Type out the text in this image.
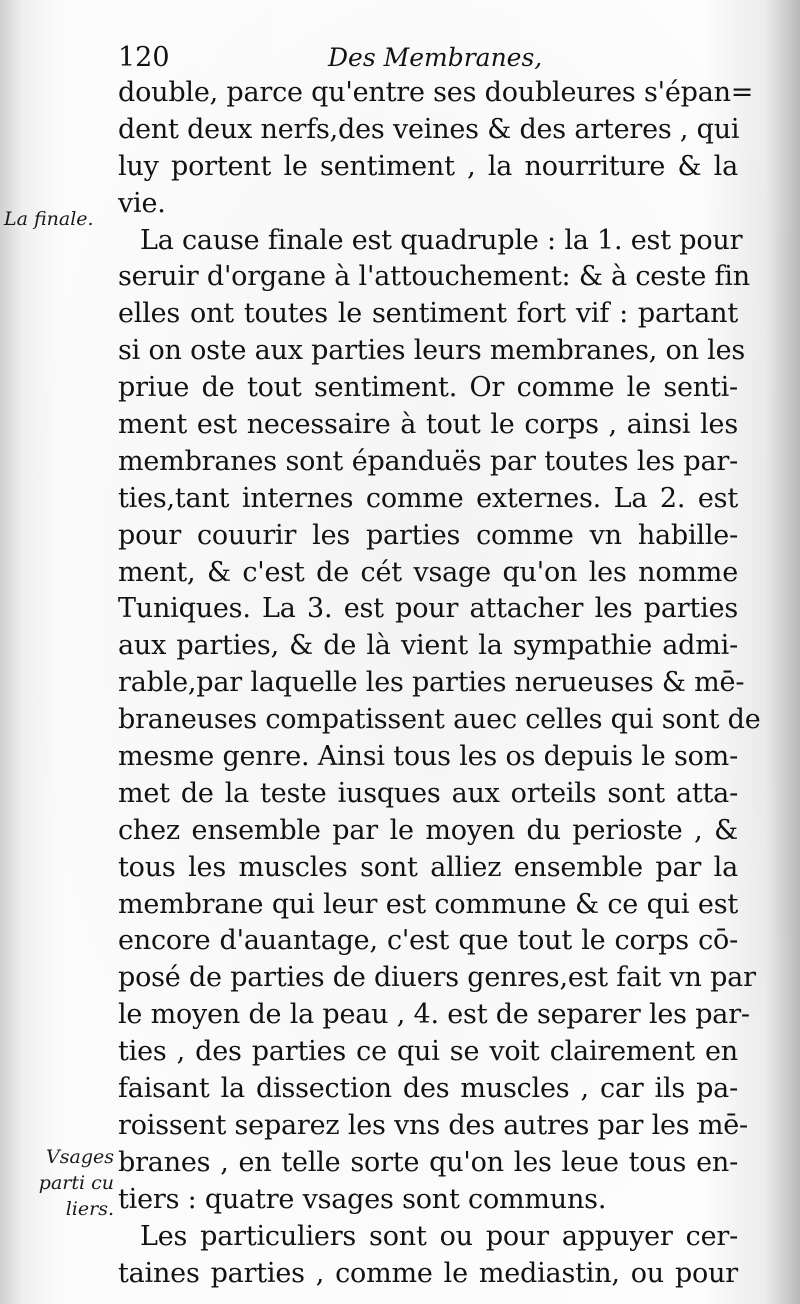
120	Des Membranes,
La finale.
Vsages
parti cu
liers.
double, parce qu'entre ses doubleures s'épan=
dent deux nerfs,des veines & des arteres , qui
luy portent le sentiment , la nourriture & la
vie.
La cause finale est quadruple : la 1. est pour
seruir d'organe à l'attouchement: & à ceste fin
elles ont toutes le sentiment fort vif : partant
si on oste aux parties leurs membranes, on les
priue de tout sentiment. Or comme le senti-
ment est necessaire à tout le corps , ainsi les
membranes sont épanduës par toutes les par-
ties,tant internes comme externes. La 2. est
pour couurir les parties comme vn habille-
ment, & c'est de cét vsage qu'on les nomme
Tuniques. La 3. est pour attacher les parties
aux parties, & de là vient la sympathie admi-
rable,par laquelle les parties nerueuses & mē-
braneuses compatissent auec celles qui sont de
mesme genre. Ainsi tous les os depuis le som-
met de la teste iusques aux orteils sont atta-
chez ensemble par le moyen du perioste , &
tous les muscles sont alliez ensemble par la
membrane qui leur est commune & ce qui est
encore d'auantage, c'est que tout le corps cō-
posé de parties de diuers genres,est fait vn par
le moyen de la peau , 4. est de separer les par-
ties , des parties ce qui se voit clairement en
faisant la dissection des muscles , car ils pa-
roissent separez les vns des autres par les mē-
branes , en telle sorte qu'on les leue tous en-
tiers : quatre vsages sont communs.
Les particuliers sont ou pour appuyer cer-
taines parties , comme le mediastin, ou pour
